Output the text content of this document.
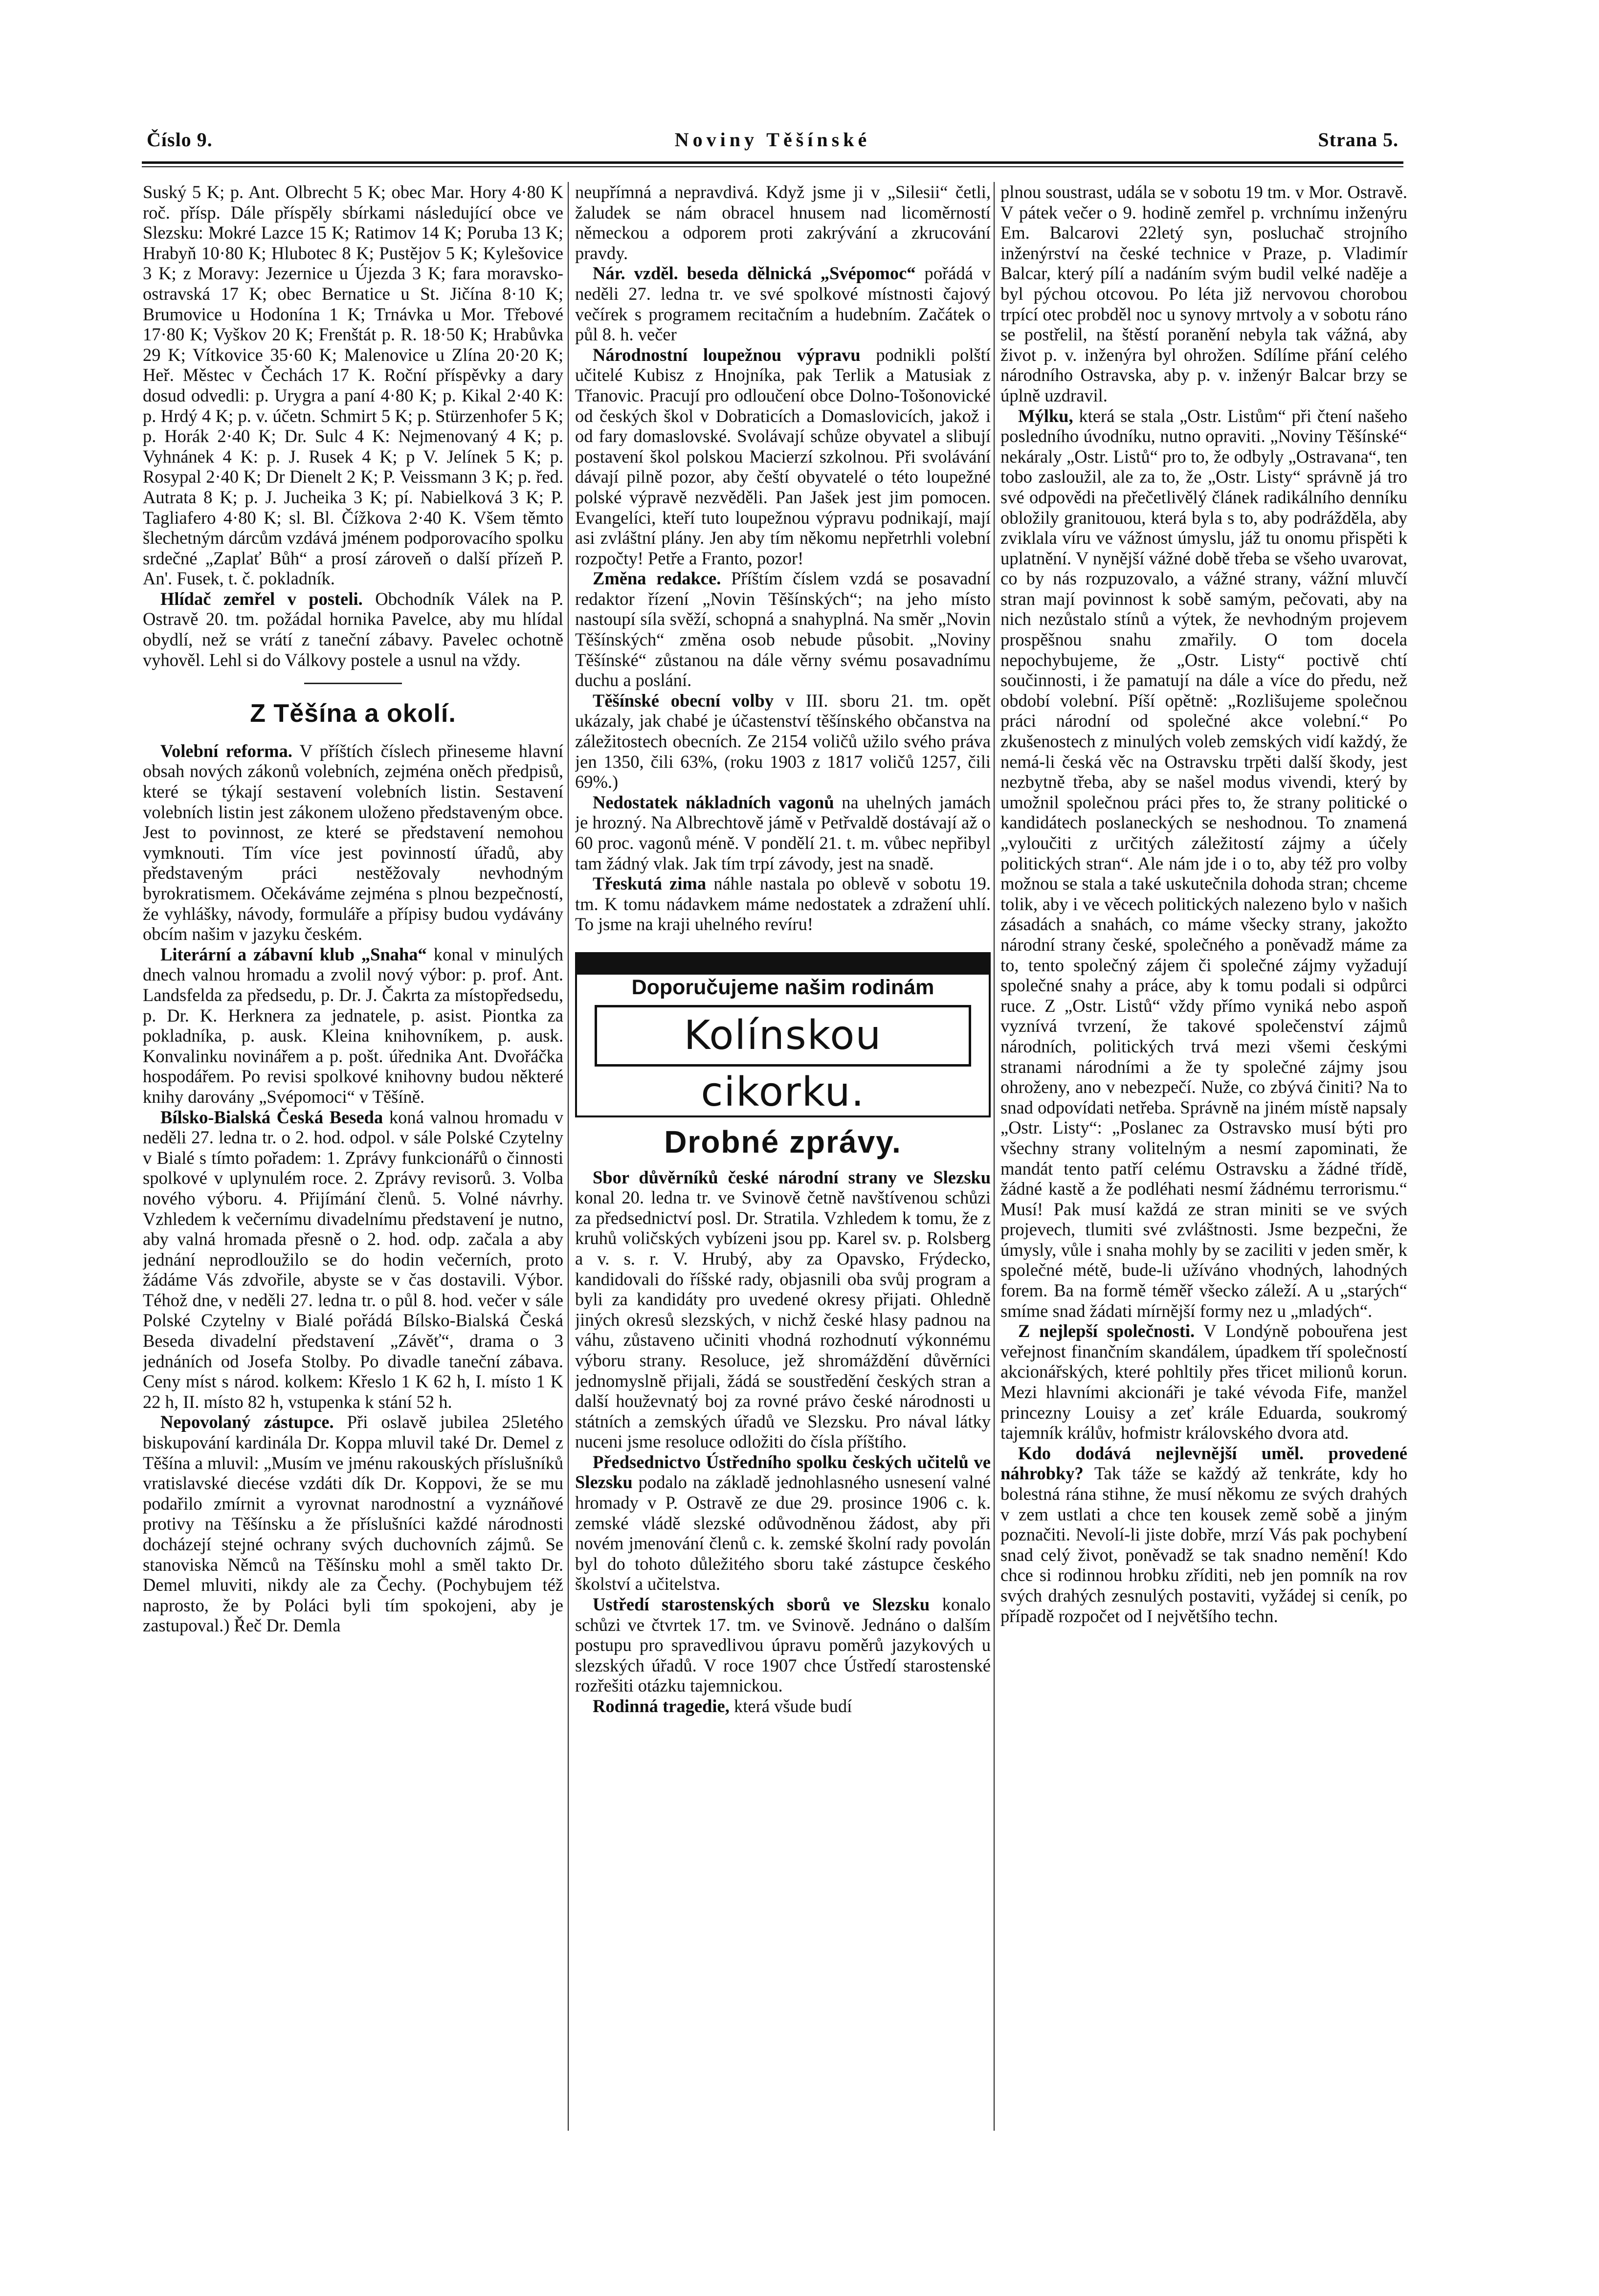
Číslo 9.	Noviny Těšínské	Strana 5.

Suský 5 K; p. Ant. Olbrecht 5 K; obec Mar. Hory 4·80 K roč. přísp. Dále příspěly sbírkami následující obce ve Slezsku: Mokré Lazce 15 K; Ratimov 14 K; Poruba 13 K; Hrabyň 10·80 K; Hlubotec 8 K; Pustějov 5 K; Kylešovice 3 K; z Moravy: Jezernice u Újezda 3 K; fara moravsko-ostravská 17 K; obec Bernatice u St. Jičína 8·10 K; Brumovice u Hodonína 1 K; Trnávka u Mor. Třebové 17·80 K; Vyškov 20 K; Frenštát p. R. 18·50 K; Hrabůvka 29 K; Vítkovice 35·60 K; Malenovice u Zlína 20·20 K; Heř. Městec v Čechách 17 K. Roční příspěvky a dary dosud odvedli: p. Urygra a paní 4·80 K; p. Kikal 2·40 K: p. Hrdý 4 K; p. v. účetn. Schmirt 5 K; p. Stürzenhofer 5 K; p. Horák 2·40 K; Dr. Sulc 4 K: Nejmenovaný 4 K; p. Vyhnánek 4 K: p. J. Rusek 4 K; p V. Jelínek 5 K; p. Rosypal 2·40 K; Dr Dienelt 2 K; P. Veissmann 3 K; p. řed. Autrata 8 K; p. J. Jucheika 3 K; pí. Nabielková 3 K; P. Tagliafero 4·80 K; sl. Bl. Čížkova 2·40 K. Všem těmto šlechetným dárcům vzdává jménem podporovacího spolku srdečné „Zaplať Bůh“ a prosí zároveň o další přízeň P. An'. Fusek, t. č. pokladník.

Hlídač zemřel v posteli. Obchodník Válek na P. Ostravě 20. tm. požádal hornika Pavelce, aby mu hlídal obydlí, než se vrátí z taneční zábavy. Pavelec ochotně vyhověl. Lehl si do Válkovy postele a usnul na vždy.

Z Těšína a okolí.

Volební reforma. V příštích číslech přineseme hlavní obsah nových zákonů volebních, zejména oněch předpisů, které se týkají sestavení volebních listin. Sestavení volebních listin jest zákonem uloženo představeným obce. Jest to povinnost, ze které se představení nemohou vymknouti. Tím více jest povinností úřadů, aby představeným práci nestěžovaly nevhodným byrokratismem. Očekáváme zejména s plnou bezpečností, že vyhlášky, návody, formuláře a přípisy budou vydávány obcím našim v jazyku českém.

Literární a zábavní klub „Snaha“ konal v minulých dnech valnou hromadu a zvolil nový výbor: p. prof. Ant. Landsfelda za předsedu, p. Dr. J. Čakrta za místopředsedu, p. Dr. K. Herknera za jednatele, p. asist. Piontka za pokladníka, p. ausk. Kleina knihovníkem, p. ausk. Konvalinku novinářem a p. pošt. úřednika Ant. Dvořáčka hospodářem. Po revisi spolkové knihovny budou některé knihy darovány „Svépomoci“ v Těšíně.

Bílsko-Bialská Česká Beseda koná valnou hromadu v neděli 27. ledna tr. o 2. hod. odpol. v sále Polské Czytelny v Bialé s tímto pořadem: 1. Zprávy funkcionářů o činnosti spolkové v uplynulém roce. 2. Zprávy revisorů. 3. Volba nového výboru. 4. Přijímání členů. 5. Volné návrhy. Vzhledem k večernímu divadelnímu představení je nutno, aby valná hromada přesně o 2. hod. odp. začala a aby jednání neprodloužilo se do hodin večerních, proto žádáme Vás zdvořile, abyste se v čas dostavili. Výbor. Téhož dne, v neděli 27. ledna tr. o půl 8. hod. večer v sále Polské Czytelny v Bialé pořádá Bílsko-Bialská Česká Beseda divadelní představení „Závěť“, drama o 3 jednáních od Josefa Stolby. Po divadle taneční zábava. Ceny míst s národ. kolkem: Křeslo 1 K 62 h, I. místo 1 K 22 h, II. místo 82 h, vstupenka k stání 52 h.

Nepovolaný zástupce. Při oslavě jubilea 25letého biskupování kardinála Dr. Koppa mluvil také Dr. Demel z Těšína a mluvil: „Musím ve jménu rakouských příslušníků vratislavské diecése vzdáti dík Dr. Koppovi, že se mu podařilo zmírnit a vyrovnat narodnostní a vyznáňové protivy na Těšínsku a že příslušníci každé národnosti docházejí stejné ochrany svých duchovních zájmů. Se stanoviska Němců na Těšínsku mohl a směl takto Dr. Demel mluviti, nikdy ale za Čechy. (Pochybujem též naprosto, že by Poláci byli tím spokojeni, aby je zastupoval.) Řeč Dr. Demla

neupřímná a nepravdivá. Když jsme ji v „Silesii“ četli, žaludek se nám obracel hnusem nad licoměrností německou a odporem proti zakrývání a zkrucování pravdy.

Nár. vzděl. beseda dělnická „Svépomoc“ pořádá v neděli 27. ledna tr. ve své spolkové místnosti čajový večírek s programem recitačním a hudebním. Začátek o půl 8. h. večer

Národnostní loupežnou výpravu podnikli polští učitelé Kubisz z Hnojníka, pak Terlik a Matusiak z Třanovic. Pracují pro odloučení obce Dolno-Tošonovické od českých škol v Dobraticích a Domaslovicích, jakož i od fary domaslovské. Svolávají schůze obyvatel a slibují postavení škol polskou Macierzí szkolnou. Při svolávání dávají pilně pozor, aby čeští obyvatelé o této loupežné polské výpravě nezvěděli. Pan Jašek jest jim pomocen. Evangelíci, kteří tuto loupežnou výpravu podnikají, mají asi zvláštní plány. Jen aby tím někomu nepřetrhli volební rozpočty! Petře a Franto, pozor!

Změna redakce. Příštím číslem vzdá se posavadní redaktor řízení „Novin Těšínských“; na jeho místo nastoupí síla svěží, schopná a snahyplná. Na směr „Novin Těšínských“ změna osob nebude působit. „Noviny Těšínské“ zůstanou na dále věrny svému posavadnímu duchu a poslání.

Těšínské obecní volby v III. sboru 21. tm. opět ukázaly, jak chabé je účastenství těšínského občanstva na záležitostech obecních. Ze 2154 voličů užilo svého práva jen 1350, čili 63%, (roku 1903 z 1817 voličů 1257, čili 69%.)

Nedostatek nákladních vagonů na uhelných jamách je hrozný. Na Albrechtově jámě v Petřvaldě dostávají až o 60 proc. vagonů méně. V pondělí 21. t. m. vůbec nepřibyl tam žádný vlak. Jak tím trpí závody, jest na snadě.

Třeskutá zima náhle nastala po oblevě v sobotu 19. tm. K tomu nádavkem máme nedostatek a zdražení uhlí. To jsme na kraji uhelného revíru!

Doporučujeme našim rodinám
Kolínskou cikorku.
Drobné zprávy.

Sbor důvěrníků české národní strany ve Slezsku konal 20. ledna tr. ve Svinově četně navštívenou schůzi za předsednictví posl. Dr. Stratila. Vzhledem k tomu, že z kruhů voličských vybízeni jsou pp. Karel sv. p. Rolsberg a v. s. r. V. Hrubý, aby za Opavsko, Frýdecko, kandidovali do říšské rady, objasnili oba svůj program a byli za kandidáty pro uvedené okresy přijati. Ohledně jiných okresů slezských, v nichž české hlasy padnou na váhu, zůstaveno učiniti vhodná rozhodnutí výkonnému výboru strany. Resoluce, jež shromáždění důvěrníci jednomyslně přijali, žádá se soustředění českých stran a další houževnatý boj za rovné právo české národnosti u státních a zemských úřadů ve Slezsku. Pro nával látky nuceni jsme resoluce odložiti do čísla příštího.

Předsednictvo Ústředního spolku českých učitelů ve Slezsku podalo na základě jednohlasného usnesení valné hromady v P. Ostravě ze due 29. prosince 1906 c. k. zemské vládě slezské odůvodněnou žádost, aby při novém jmenování členů c. k. zemské školní rady povolán byl do tohoto důležitého sboru také zástupce českého školství a učitelstva.

Ustředí starostenských sborů ve Slezsku konalo schůzi ve čtvrtek 17. tm. ve Svinově. Jednáno o dalším postupu pro spravedlivou úpravu poměrů jazykových u slezských úřadů. V roce 1907 chce Ústředí starostenské rozřešiti otázku tajemnickou.

Rodinná tragedie, která všude budí

plnou soustrast, udála se v sobotu 19 tm. v Mor. Ostravě. V pátek večer o 9. hodině zemřel p. vrchnímu inženýru Em. Balcarovi 22letý syn, posluchač strojního inženýrství na české technice v Praze, p. Vladimír Balcar, který pílí a nadáním svým budil velké naděje a byl pýchou otcovou. Po léta již nervovou chorobou trpící otec probděl noc u synovy mrtvoly a v sobotu ráno se postřelil, na štěstí poranění nebyla tak vážná, aby život p. v. inženýra byl ohrožen. Sdílíme přání celého národního Ostravska, aby p. v. inženýr Balcar brzy se úplně uzdravil.

Mýlku, která se stala „Ostr. Listům“ při čtení našeho posledního úvodníku, nutno opraviti. „Noviny Těšínské“ nekáraly „Ostr. Listů“ pro to, že odbyly „Ostravana“, ten tobo zasloužil, ale za to, že „Ostr. Listy“ správně já tro své odpovědi na přečetlivělý článek radikálního denníku obložily granitouou, která byla s to, aby podrážděla, aby zviklala víru ve vážnost úmyslu, jáž tu onomu přispěti k uplatnění. V nynější vážné době třeba se všeho uvarovat, co by nás rozpuzovalo, a vážné strany, vážní mluvčí stran mají povinnost k sobě samým, pečovati, aby na nich nezůstalo stínů a výtek, že nevhodným projevem prospěšnou snahu zmařily. O tom docela nepochybujeme, že „Ostr. Listy“ poctivě chtí součinnosti, i že pamatují na dále a více do předu, než období volební. Píší opětně: „Rozlišujeme společnou práci národní od společné akce volební.“ Po zkušenostech z minulých voleb zemských vidí každý, že nemá-li česká věc na Ostravsku trpěti další škody, jest nezbytně třeba, aby se našel modus vivendi, který by umožnil společnou práci přes to, že strany politické o kandidátech poslaneckých se neshodnou. To znamená „vyloučiti z určitých záležitostí zájmy a účely politických stran“. Ale nám jde i o to, aby též pro volby možnou se stala a také uskutečnila dohoda stran; chceme tolik, aby i ve věcech politických nalezeno bylo v našich zásadách a snahách, co máme všecky strany, jakožto národní strany české, společného a poněvadž máme za to, tento společný zájem či společné zájmy vyžadují společné snahy a práce, aby k tomu podali si odpůrci ruce. Z „Ostr. Listů“ vždy přímo vyniká nebo aspoň vyznívá tvrzení, že takové společenství zájmů národních, politických trvá mezi všemi českými stranami národními a že ty společné zájmy jsou ohroženy, ano v nebezpečí. Nuže, co zbývá činiti? Na to snad odpovídati netřeba. Správně na jiném místě napsaly „Ostr. Listy“: „Poslanec za Ostravsko musí býti pro všechny strany volitelným a nesmí zapominati, že mandát tento patří celému Ostravsku a žádné třídě, žádné kastě a že podléhati nesmí žádnému terrorismu.“ Musí! Pak musí každá ze stran miniti se ve svých projevech, tlumiti své zvláštnosti. Jsme bezpečni, že úmysly, vůle i snaha mohly by se zaciliti v jeden směr, k společné métě, bude-li užíváno vhodných, lahodných forem. Ba na formě téměř všecko záleží. A u „starých“ smíme snad žádati mírnější formy nez u „mladých“.

Z nejlepší společnosti. V Londýně pobouřena jest veřejnost finančním skandálem, úpadkem tří společností akcionářských, které pohltily přes třicet milionů korun. Mezi hlavními akcionáři je také vévoda Fife, manžel princezny Louisy a zeť krále Eduarda, soukromý tajemník králův, hofmistr královského dvora atd.

Kdo dodává nejlevnější uměl. provedené náhrobky? Tak táže se každý až tenkráte, kdy ho bolestná rána stihne, že musí někomu ze svých drahých v zem ustlati a chce ten kousek země sobě a jiným poznačiti. Nevolí-li jiste dobře, mrzí Vás pak pochybení snad celý život, poněvadž se tak snadno nemění! Kdo chce si rodinnou hrobku zříditi, neb jen pomník na rov svých drahých zesnulých postaviti, vyžádej si ceník, po případě rozpočet od I největšího techn.
